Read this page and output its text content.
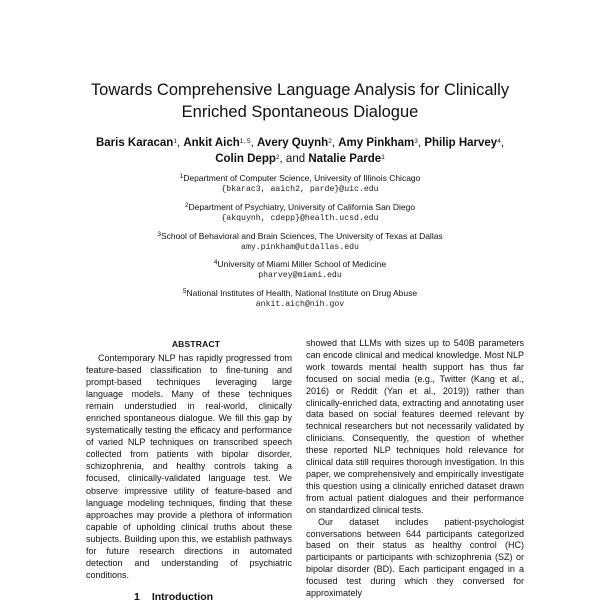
Towards Comprehensive Language Analysis for Clinically
Enriched Spontaneous Dialogue
Baris Karacan$^1$, Ankit Aich$^{1, 5}$, Avery Quynh$^2$, Amy Pinkham$^3$, Philip Harvey$^4$,
Colin Depp$^2$, and Natalie Parde$^1$
$^1$Department of Computer Science, University of Illinois Chicago
{bkarac3, aaich2, parde}@uic.edu
$^2$Department of Psychiatry, University of California San Diego
{akquynh, cdepp}@health.ucsd.edu
$^3$School of Behavioral and Brain Sciences, The University of Texas at Dallas
amy.pinkham@utdallas.edu
$^4$University of Miami Miller School of Medicine
pharvey@miami.edu
$^5$National Institutes of Health, National Institute on Drug Abuse
ankit.aich@nih.gov
ABSTRACT
Contemporary NLP has rapidly progressed from feature-based classification to fine-tuning and prompt-based techniques leveraging large language models. Many of these techniques remain understudied in real-world, clinically enriched spontaneous dialogue. We fill this gap by systematically testing the efficacy and performance of varied NLP techniques on transcribed speech collected from patients with bipolar disorder, schizophrenia, and healthy controls taking a focused, clinically-validated language test. We observe impressive utility of feature-based and language modeling techniques, finding that these approaches may provide a plethora of information capable of upholding clinical truths about these subjects. Building upon this, we establish pathways for future research directions in automated detection and understanding of psychiatric conditions.

showed that LLMs with sizes up to 540B parameters can encode clinical and medical knowledge. Most NLP work towards mental health support has thus far focused on social media (e.g., Twitter (Kang et al., 2016) or Reddit (Yan et al., 2019)) rather than clinically-enriched data, extracting and annotating user data based on social features deemed relevant by technical researchers but not necessarily validated by clinicians. Consequently, the question of whether these reported NLP techniques hold relevance for clinical data still requires thorough investigation. In this paper, we comprehensively and empirically investigate this question using a clinically enriched dataset drawn from actual patient dialogues and their performance on standardized clinical tests.

Our dataset includes patient-psychologist conversations between 644 participants categorized based on their status as healthy control (HC) participants or participants with schizophrenia (SZ) or bipolar disorder (BD). Each participant engaged in a focused test during which they conversed for approximately

1 Introduction
